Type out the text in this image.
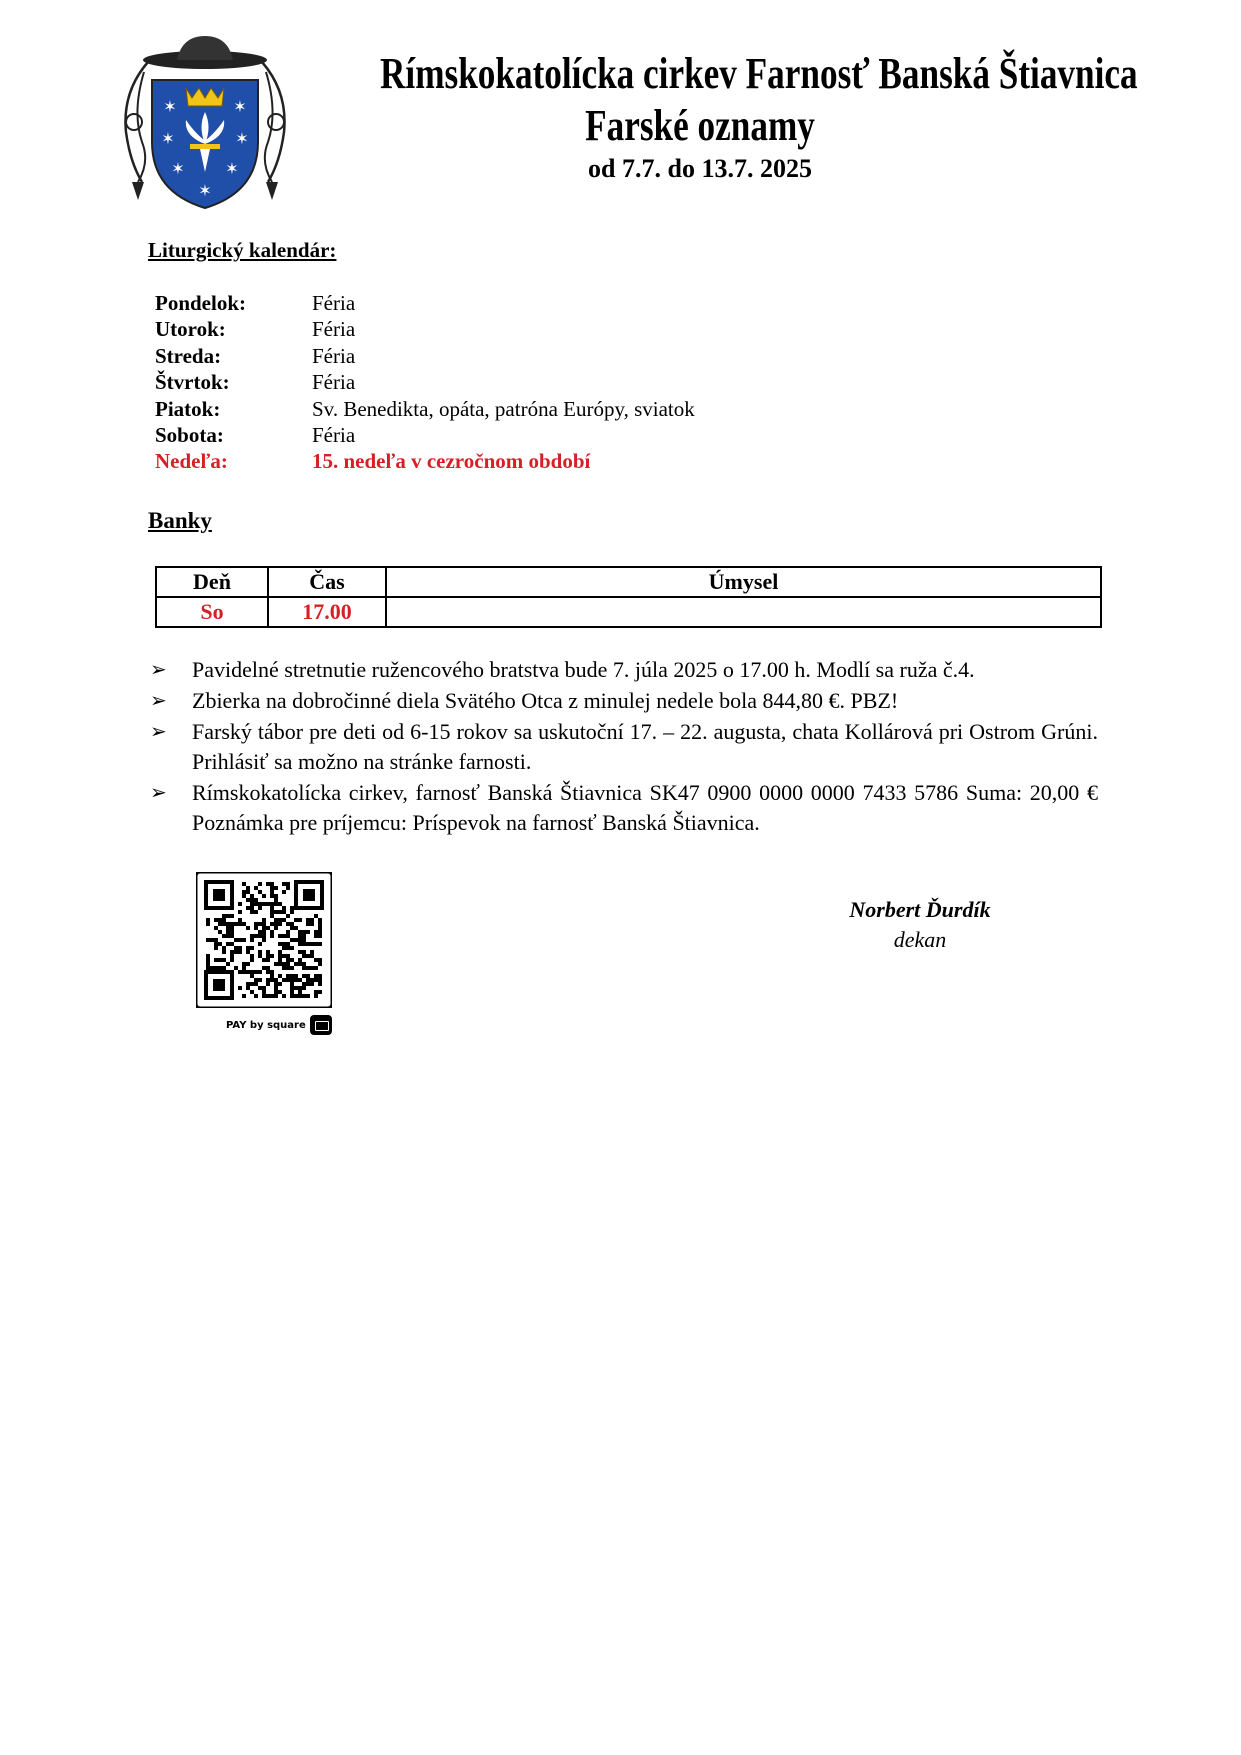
✶	✶
✶	✶
✶	✶
✶
Rímskokatolícka cirkev Farnosť Banská Štiavnica
Farské oznamy
od 7.7. do 13.7. 2025
Liturgický kalendár:
Pondelok:	Féria
Utorok:	Féria
Streda:	Féria
Štvrtok:	Féria
Piatok:	Sv. Benedikta, opáta, patróna Európy, sviatok
Sobota:	Féria
Nedeľa:	15. nedeľa v cezročnom období
Banky
Deň	Čas	Úmysel
So	17.00	
➢	Pavidelné stretnutie ružencového bratstva bude 7. júla 2025 o 17.00 h. Modlí sa ruža č.4.
➢	Zbierka na dobročinné diela Svätého Otca z minulej nedele bola 844,80 €. PBZ!
➢	Farský tábor pre deti od 6-15 rokov sa uskutoční 17. – 22. augusta, chata Kollárová pri Ostrom Grúni. Prihlásiť sa možno na stránke farnosti.
➢	Rímskokatolícka cirkev, farnosť Banská Štiavnica SK47 0900 0000 0000 7433 5786 Suma: 20,00 € Poznámka pre príjemcu: Príspevok na farnosť Banská Štiavnica.
PAY by square
Norbert Ďurdík
dekan
